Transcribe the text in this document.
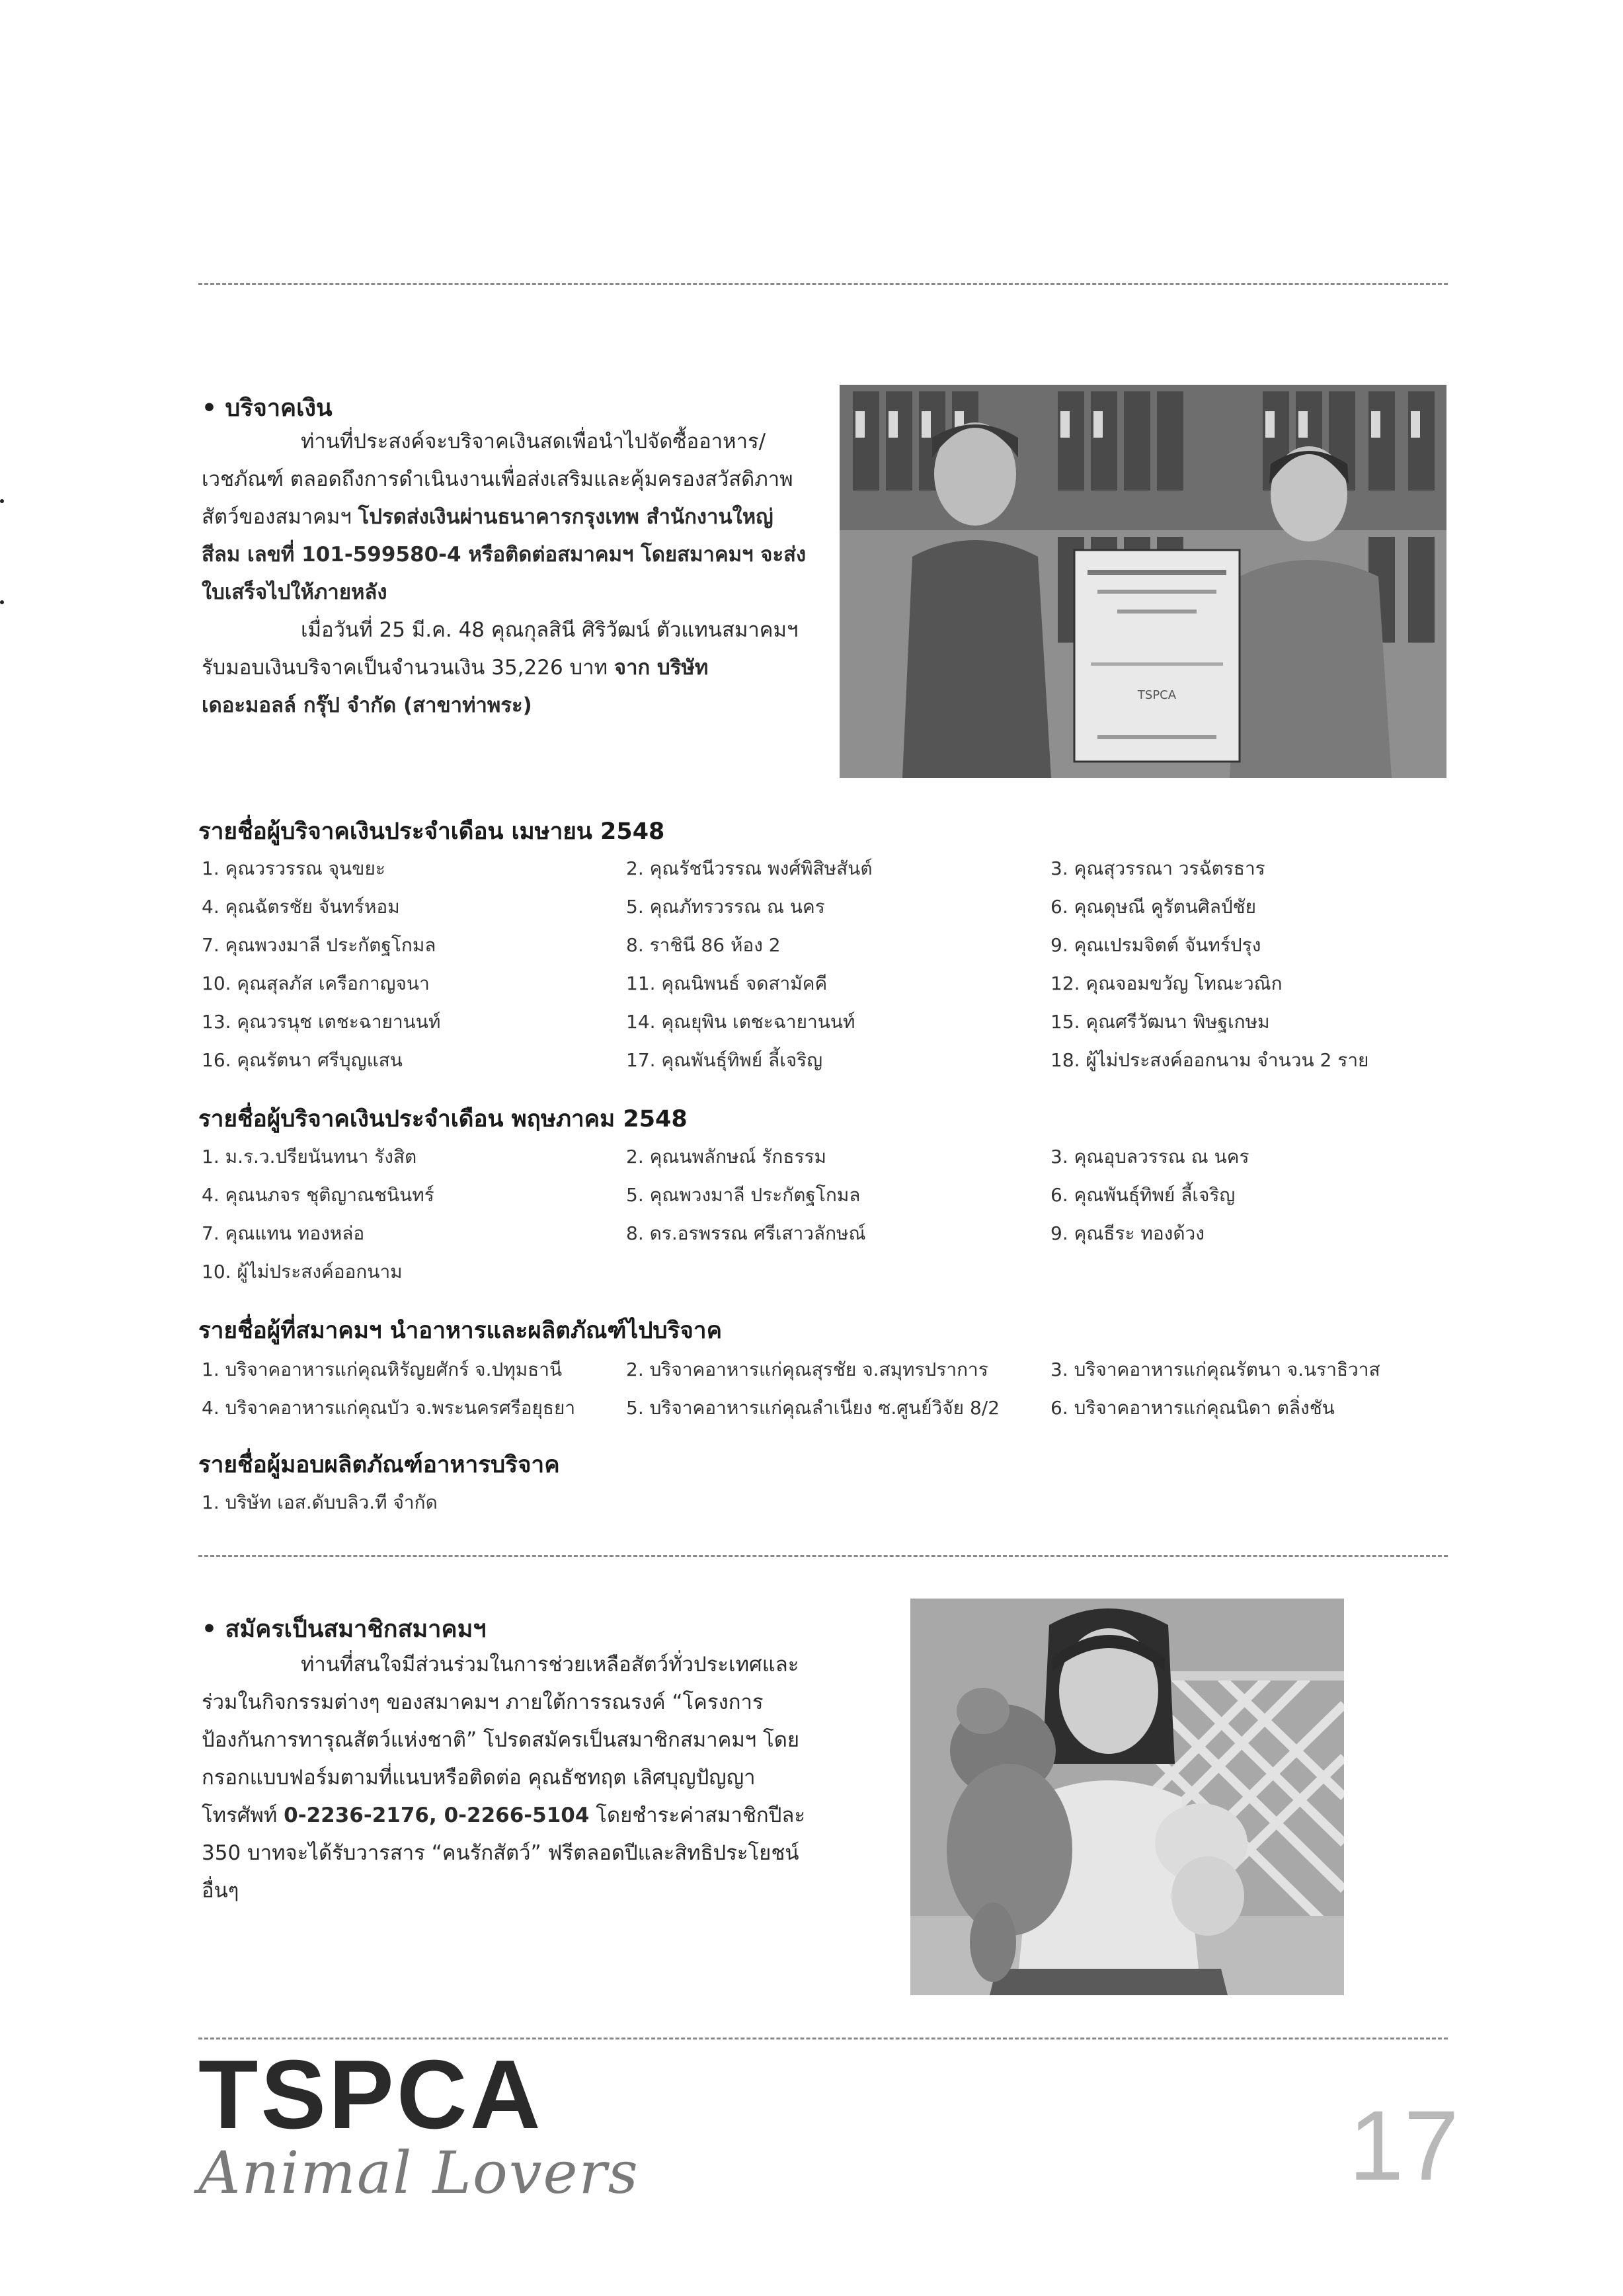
• บริจาคเงิน

ท่านที่ประสงค์จะบริจาคเงินสดเพื่อนำไปจัดซื้ออาหาร/เวชภัณฑ์ ตลอดถึงการดำเนินงานเพื่อส่งเสริมและคุ้มครองสวัสดิภาพสัตว์ของสมาคมฯ โปรดส่งเงินผ่านธนาคารกรุงเทพ สำนักงานใหญ่สีลม เลขที่ 101-599580-4 หรือติดต่อสมาคมฯ โดยสมาคมฯ จะส่งใบเสร็จไปให้ภายหลัง

เมื่อวันที่ 25 มี.ค. 48 คุณกุลสินี ศิริวัฒน์ ตัวแทนสมาคมฯ รับมอบเงินบริจาคเป็นจำนวนเงิน 35,226 บาท จาก บริษัท เดอะมอลล์ กรุ๊ป จำกัด (สาขาท่าพระ)	TSPCA
รายชื่อผู้บริจาคเงินประจำเดือน เมษายน 2548
1. คุณวรวรรณ จุนขยะ	2. คุณรัชนีวรรณ พงศ์พิสิษสันต์	3. คุณสุวรรณา วรฉัตรธาร
4. คุณฉัตรชัย จันทร์หอม	5. คุณภัทรวรรณ ณ นคร	6. คุณดุษณี คูรัตนศิลป์ชัย
7. คุณพวงมาลี ประกัตฐโกมล	8. ราชินี 86 ห้อง 2	9. คุณเปรมจิตต์ จันทร์ปรุง
10. คุณสุลภัส เครือกาญจนา	11. คุณนิพนธ์ จดสามัคคี	12. คุณจอมขวัญ โทณะวณิก
13. คุณวรนุช เตชะฉายานนท์	14. คุณยุพิน เตชะฉายานนท์	15. คุณศรีวัฒนา พิษฐเกษม
16. คุณรัตนา ศรีบุญแสน	17. คุณพันธุ์ทิพย์ ลี้เจริญ	18. ผู้ไม่ประสงค์ออกนาม จำนวน 2 ราย
รายชื่อผู้บริจาคเงินประจำเดือน พฤษภาคม 2548
1. ม.ร.ว.ปรียนันทนา รังสิต	2. คุณนพลักษณ์ รักธรรม	3. คุณอุบลวรรณ ณ นคร
4. คุณนภจร ชุติญาณชนินทร์	5. คุณพวงมาลี ประกัตฐโกมล	6. คุณพันธุ์ทิพย์ ลี้เจริญ
7. คุณแทน ทองหล่อ	8. ดร.อรพรรณ ศรีเสาวลักษณ์	9. คุณธีระ ทองด้วง
10. ผู้ไม่ประสงค์ออกนาม
รายชื่อผู้ที่สมาคมฯ นำอาหารและผลิตภัณฑ์ไปบริจาค
1. บริจาคอาหารแก่คุณหิรัญยศักร์ จ.ปทุมธานี	2. บริจาคอาหารแก่คุณสุรชัย จ.สมุทรปราการ	3. บริจาคอาหารแก่คุณรัตนา จ.นราธิวาส
4. บริจาคอาหารแก่คุณบัว จ.พระนครศรีอยุธยา	5. บริจาคอาหารแก่คุณลำเนียง ซ.ศูนย์วิจัย 8/2	6. บริจาคอาหารแก่คุณนิดา ตลิ่งชัน
รายชื่อผู้มอบผลิตภัณฑ์อาหารบริจาค
1. บริษัท เอส.ดับบลิว.ที จำกัด
• สมัครเป็นสมาชิกสมาคมฯ

ท่านที่สนใจมีส่วนร่วมในการช่วยเหลือสัตว์ทั่วประเทศและร่วมในกิจกรรมต่างๆ ของสมาคมฯ ภายใต้การรณรงค์ “โครงการป้องกันการทารุณสัตว์แห่งชาติ” โปรดสมัครเป็นสมาชิกสมาคมฯ โดยกรอกแบบฟอร์มตามที่แนบหรือติดต่อ คุณธัชทฤต เลิศบุญปัญญา โทรศัพท์ 0-2236-2176, 0-2266-5104 โดยชำระค่าสมาชิกปีละ 350 บาทจะได้รับวารสาร “คนรักสัตว์” ฟรีตลอดปีและสิทธิประโยชน์อื่นๆ

TSPCA
Animal Lovers	17
